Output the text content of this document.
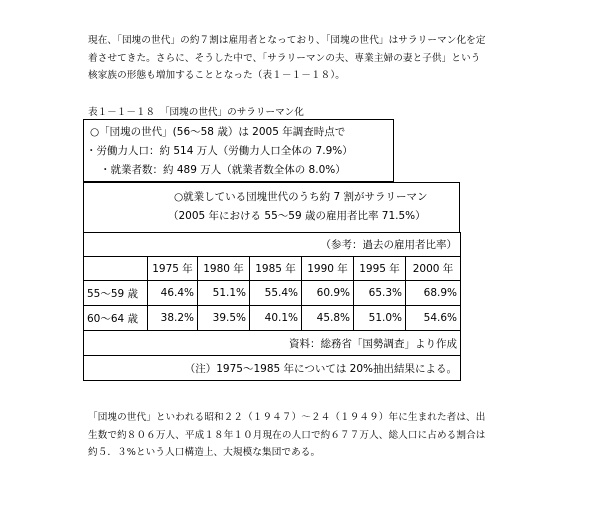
現在、「団塊の世代」の約７割は雇用者となっており、「団塊の世代」はサラリーマン化を定
着させてきた。さらに、そうした中で、「サラリーマンの夫、専業主婦の妻と子供」という
核家族の形態も増加することとなった（表１－１－１８）。
表１－１－１８　「団塊の世代」のサラリーマン化
○「団塊の世代」(56～58 歳）は 2005 年調査時点で
・労働力人口：約 514 万人（労働力人口全体の 7.9%）
・就業者数：約 489 万人（就業者数全体の 8.0%）
○就業している団塊世代のうち約 7 割がサラリーマン
（2005 年における 55～59 歳の雇用者比率 71.5%）
（参考：過去の雇用者比率）						
	1975 年	1980 年	1985 年	1990 年	1995 年	2000 年
55～59 歳	46.4%	51.1%	55.4%	60.9%	65.3%	68.9%
60～64 歳	38.2%	39.5%	40.1%	45.8%	51.0%	54.6%
資料：総務省「国勢調査」より作成						
（注）1975～1985 年については 20%抽出結果による。						
「団塊の世代」といわれる昭和２２（１９４７）～２４（１９４９）年に生まれた者は、出
生数で約８０６万人、平成１８年１０月現在の人口で約６７７万人、総人口に占める割合は
約５．３%という人口構造上、大規模な集団である。
